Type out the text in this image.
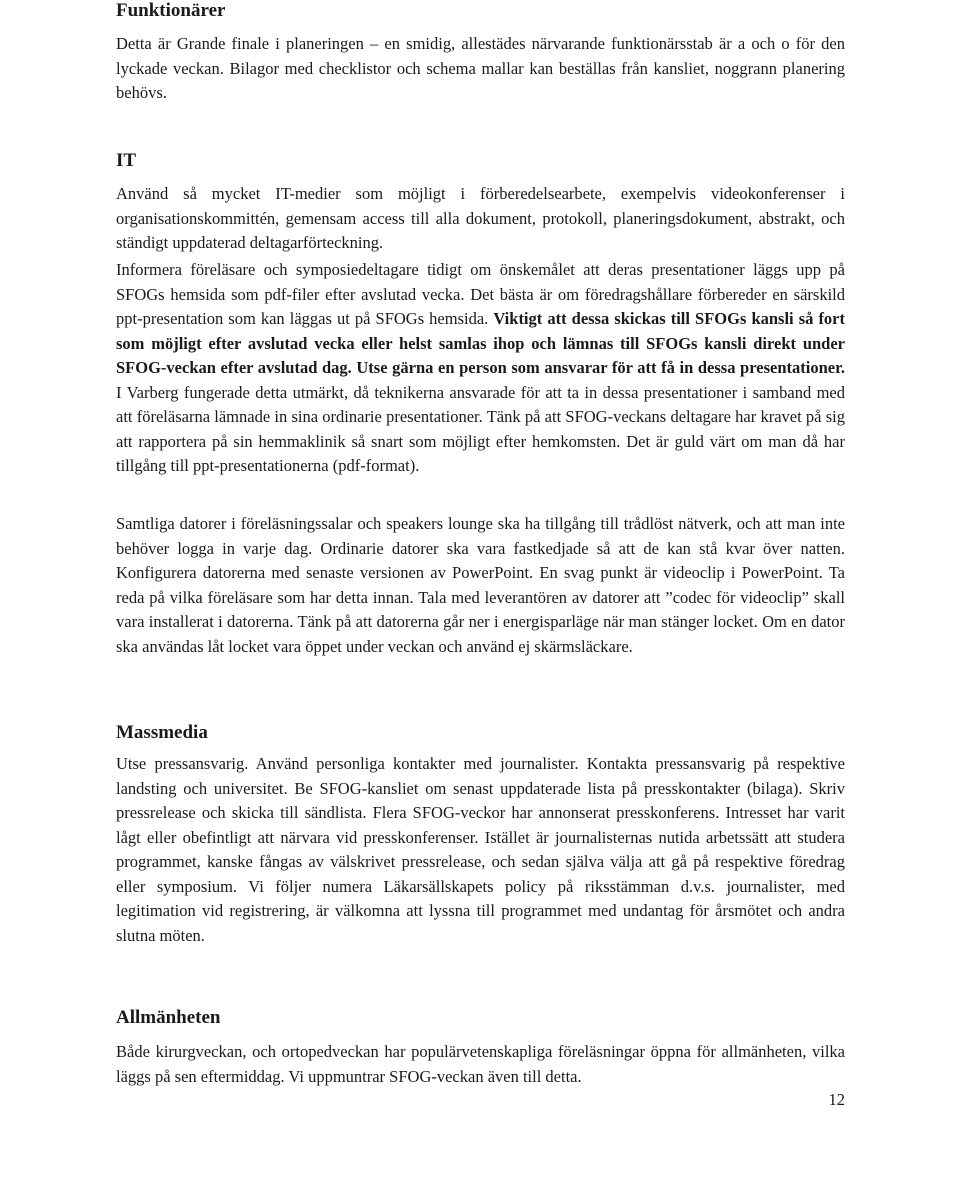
Funktionärer

Detta är Grande finale i planeringen – en smidig, allestädes närvarande funktionärsstab är a och o för den lyckade veckan. Bilagor med checklistor och schema mallar kan beställas från kansliet, noggrann planering behövs.

IT

Använd så mycket IT-medier som möjligt i förberedelsearbete, exempelvis videokonferenser i organisationskommittén, gemensam access till alla dokument, protokoll, planeringsdokument, abstrakt, och ständigt uppdaterad deltagarförteckning.

Informera föreläsare och symposiedeltagare tidigt om önskemålet att deras presentationer läggs upp på SFOGs hemsida som pdf-filer efter avslutad vecka. Det bästa är om föredragshållare förbereder en särskild ppt-presentation som kan läggas ut på SFOGs hemsida. Viktigt att dessa skickas till SFOGs kansli så fort som möjligt efter avslutad vecka eller helst samlas ihop och lämnas till SFOGs kansli direkt under SFOG-veckan efter avslutad dag. Utse gärna en person som ansvarar för att få in dessa presentationer. I Varberg fungerade detta utmärkt, då teknikerna ansvarade för att ta in dessa presentationer i samband med att föreläsarna lämnade in sina ordinarie presentationer. Tänk på att SFOG-veckans deltagare har kravet på sig att rapportera på sin hemmaklinik så snart som möjligt efter hemkomsten. Det är guld värt om man då har tillgång till ppt-presentationerna (pdf-format).

Samtliga datorer i föreläsningssalar och speakers lounge ska ha tillgång till trådlöst nätverk, och att man inte behöver logga in varje dag. Ordinarie datorer ska vara fastkedjade så att de kan stå kvar över natten. Konfigurera datorerna med senaste versionen av PowerPoint. En svag punkt är videoclip i PowerPoint. Ta reda på vilka föreläsare som har detta innan. Tala med leverantören av datorer att ”codec för videoclip” skall vara installerat i datorerna. Tänk på att datorerna går ner i energisparläge när man stänger locket. Om en dator ska användas låt locket vara öppet under veckan och använd ej skärmsläckare.

Massmedia

Utse pressansvarig. Använd personliga kontakter med journalister. Kontakta pressansvarig på respektive landsting och universitet. Be SFOG-kansliet om senast uppdaterade lista på presskontakter (bilaga). Skriv pressrelease och skicka till sändlista. Flera SFOG-veckor har annonserat presskonferens. Intresset har varit lågt eller obefintligt att närvara vid presskonferenser. Istället är journalisternas nutida arbetssätt att studera programmet, kanske fångas av välskrivet pressrelease, och sedan själva välja att gå på respektive föredrag eller symposium. Vi följer numera Läkarsällskapets policy på riksstämman d.v.s. journalister, med legitimation vid registrering, är välkomna att lyssna till programmet med undantag för årsmötet och andra slutna möten.

Allmänheten

Både kirurgveckan, och ortopedveckan har populärvetenskapliga föreläsningar öppna för allmänheten, vilka läggs på sen eftermiddag. Vi uppmuntrar SFOG-veckan även till detta.

12
